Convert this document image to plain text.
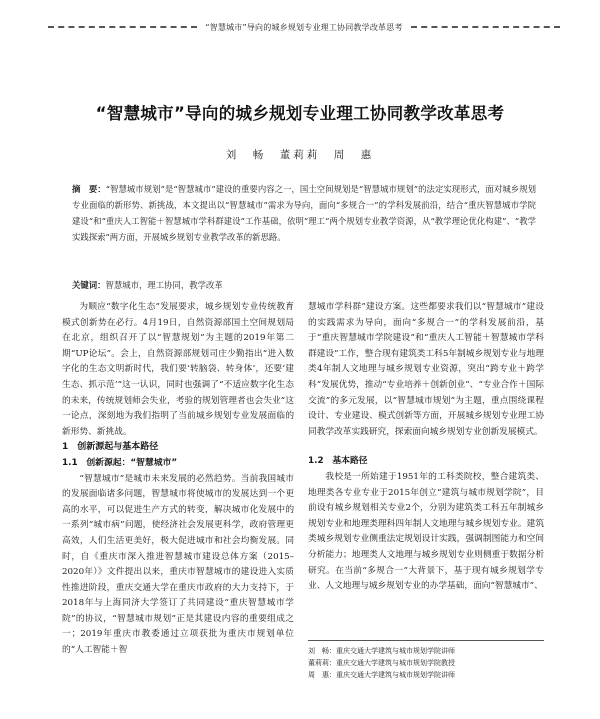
“智慧城市”导向的城乡规划专业理工协同教学改革思考
“智慧城市”导向的城乡规划专业理工协同教学改革思考
刘　畅　董莉莉　周　惠
摘　要：“智慧城市规划”是“智慧城市”建设的重要内容之一，国土空间规划是“智慧城市规划”的法定实现形式，面对城乡规划专业面临的新形势、新挑战，本文提出以“智慧城市”需求为导向，面向“多规合一”的学科发展前沿，结合“重庆智慧城市学院建设”和“重庆人工智能＋智慧城市学科群建设”工作基础，依明“理工”两个规划专业教学资源，从“教学理论优化构建”、“教学实践探索”两方面，开展城乡规划专业教学改革的新思路。
关键词：智慧城市，理工协同，教学改革

为顺应“数字化生态”发展要求，城乡规划专业传统教育模式创新势在必行。4月19日，自然资源部国土空间规划局在北京，组织召开了以“智慧规划”为主题的2019年第二期“UP论坛”。会上，自然资源部规划司庄少勤指出“进入数字化的生态文明新时代，我们要‘转脑袋、转身体’，还要‘建生态、抓示范’”这一认识，同时也强调了“不适应数字化生态的未来，传统规划师会失业，考验的规划管理者也会失业”这一论点，深刻地为我们指明了当前城乡规划专业发展面临的新形势、新挑战。

1　创新源起与基本路径

1.1　创新源起：“智慧城市”

“智慧城市”是城市未来发展的必然趋势。当前我国城市的发展面临诸多问题，智慧城市将使城市的发展达到一个更高的水平，可以促进生产方式的转变，解决城市化发展中的一系列“城市病”问题，使经济社会发展更科学，政府管理更高效，人们生活更美好，极大促进城市和社会均衡发展。同时，自《重庆市深入推进智慧城市建设总体方案（2015–2020年）》文件提出以来，重庆市智慧城市的建设进入实质性推进阶段，重庆交通大学在重庆市政府的大力支持下，于2018年与上海同济大学签订了共同建设“重庆智慧城市学院”的协议，“智慧城市规划”正是其建设内容的重要组成之一；2019年重庆市教委通过立项获批为重庆市规划单位的“人工智能＋智

慧城市学科群”建设方案。这些都要求我们以“智慧城市”建设的实践需求为导向，面向“多规合一”的学科发展前沿，基于“重庆智慧城市学院建设”和“重庆人工智能＋智慧城市学科群建设”工作，整合现有建筑类工科5年制城乡规划专业与地理类4年制人文地理与城乡规划专业资源，突出“跨专业＋跨学科”发展优势，推动“专业培养＋创新创业”、“专业合作＋国际交流”的多元发展，以“智慧城市规划”为主题，重点围绕课程设计、专业建设、模式创新等方面，开展城乡规划专业理工协同教学改革实践研究，探索面向城乡规划专业创新发展模式。

1.2　基本路径

我校是一所始建于1951年的工科类院校，整合建筑类、地理类各专业专业于2015年创立“建筑与城市规划学院”，目前设有城乡规划相关专业2个，分别为建筑类工科五年制城乡规划专业和地理类理科四年制人文地理与城乡规划专业。建筑类城乡规划专业侧重法定规划设计实践，强调制图能力和空间分析能力；地理类人文地理与城乡规划专业则侧重于数据分析研究。在当前“多规合一”大背景下，基于现有城乡规划学专业、人文地理与城乡规划专业的办学基础，面向“智慧城市”、

刘　畅：重庆交通大学建筑与城市规划学院讲师
董莉莉：重庆交通大学建筑与城市规划学院教授
周　惠：重庆交通大学建筑与城市规划学院讲师
